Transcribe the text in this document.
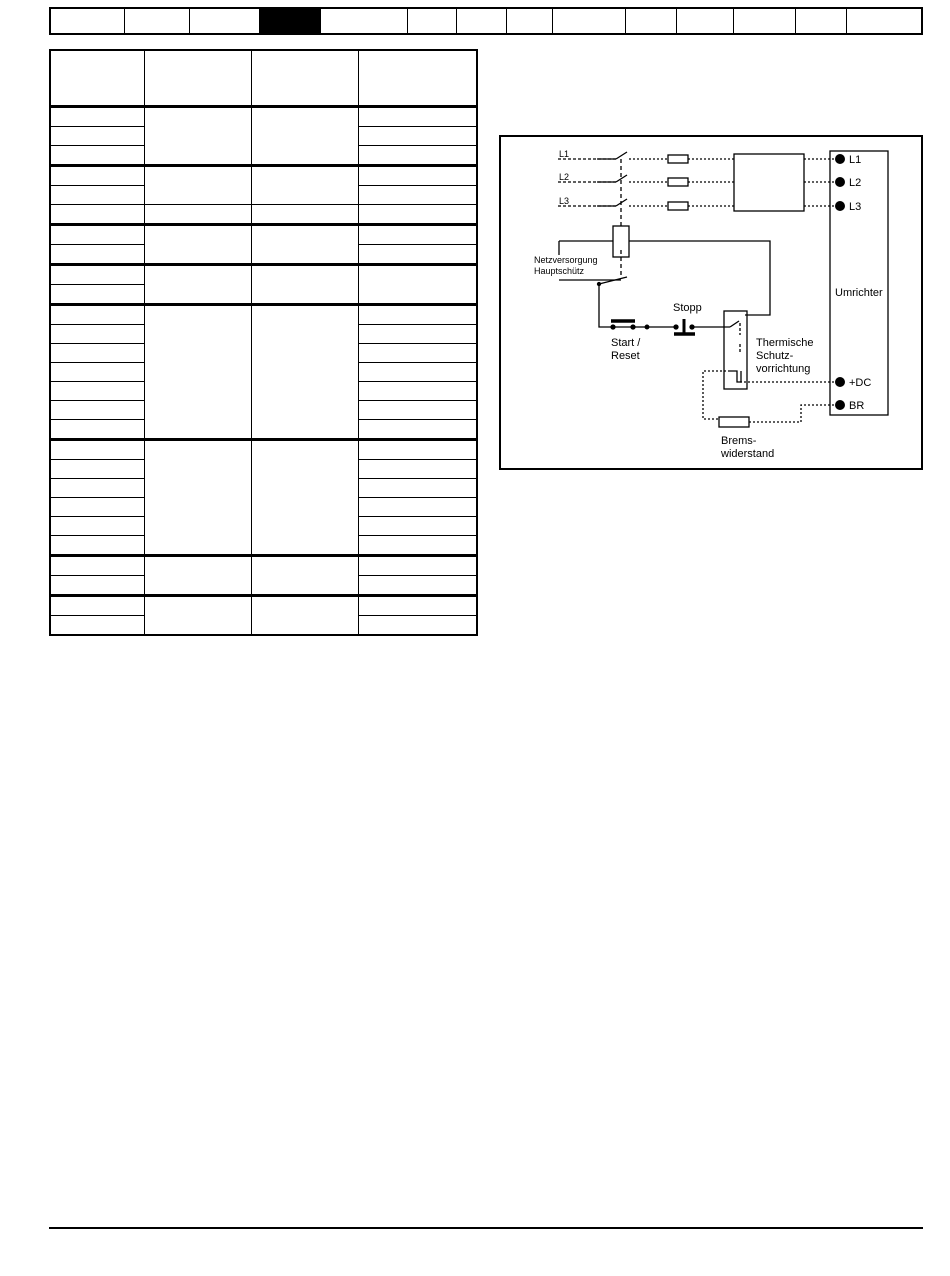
L1
L2
L3
L1
L2
L3
Umrichter
+DC
BR
Netzversorgung
Hauptschütz
Stopp
Start /
Reset
Thermische
Schutz-
vorrichtung
Brems-
widerstand
